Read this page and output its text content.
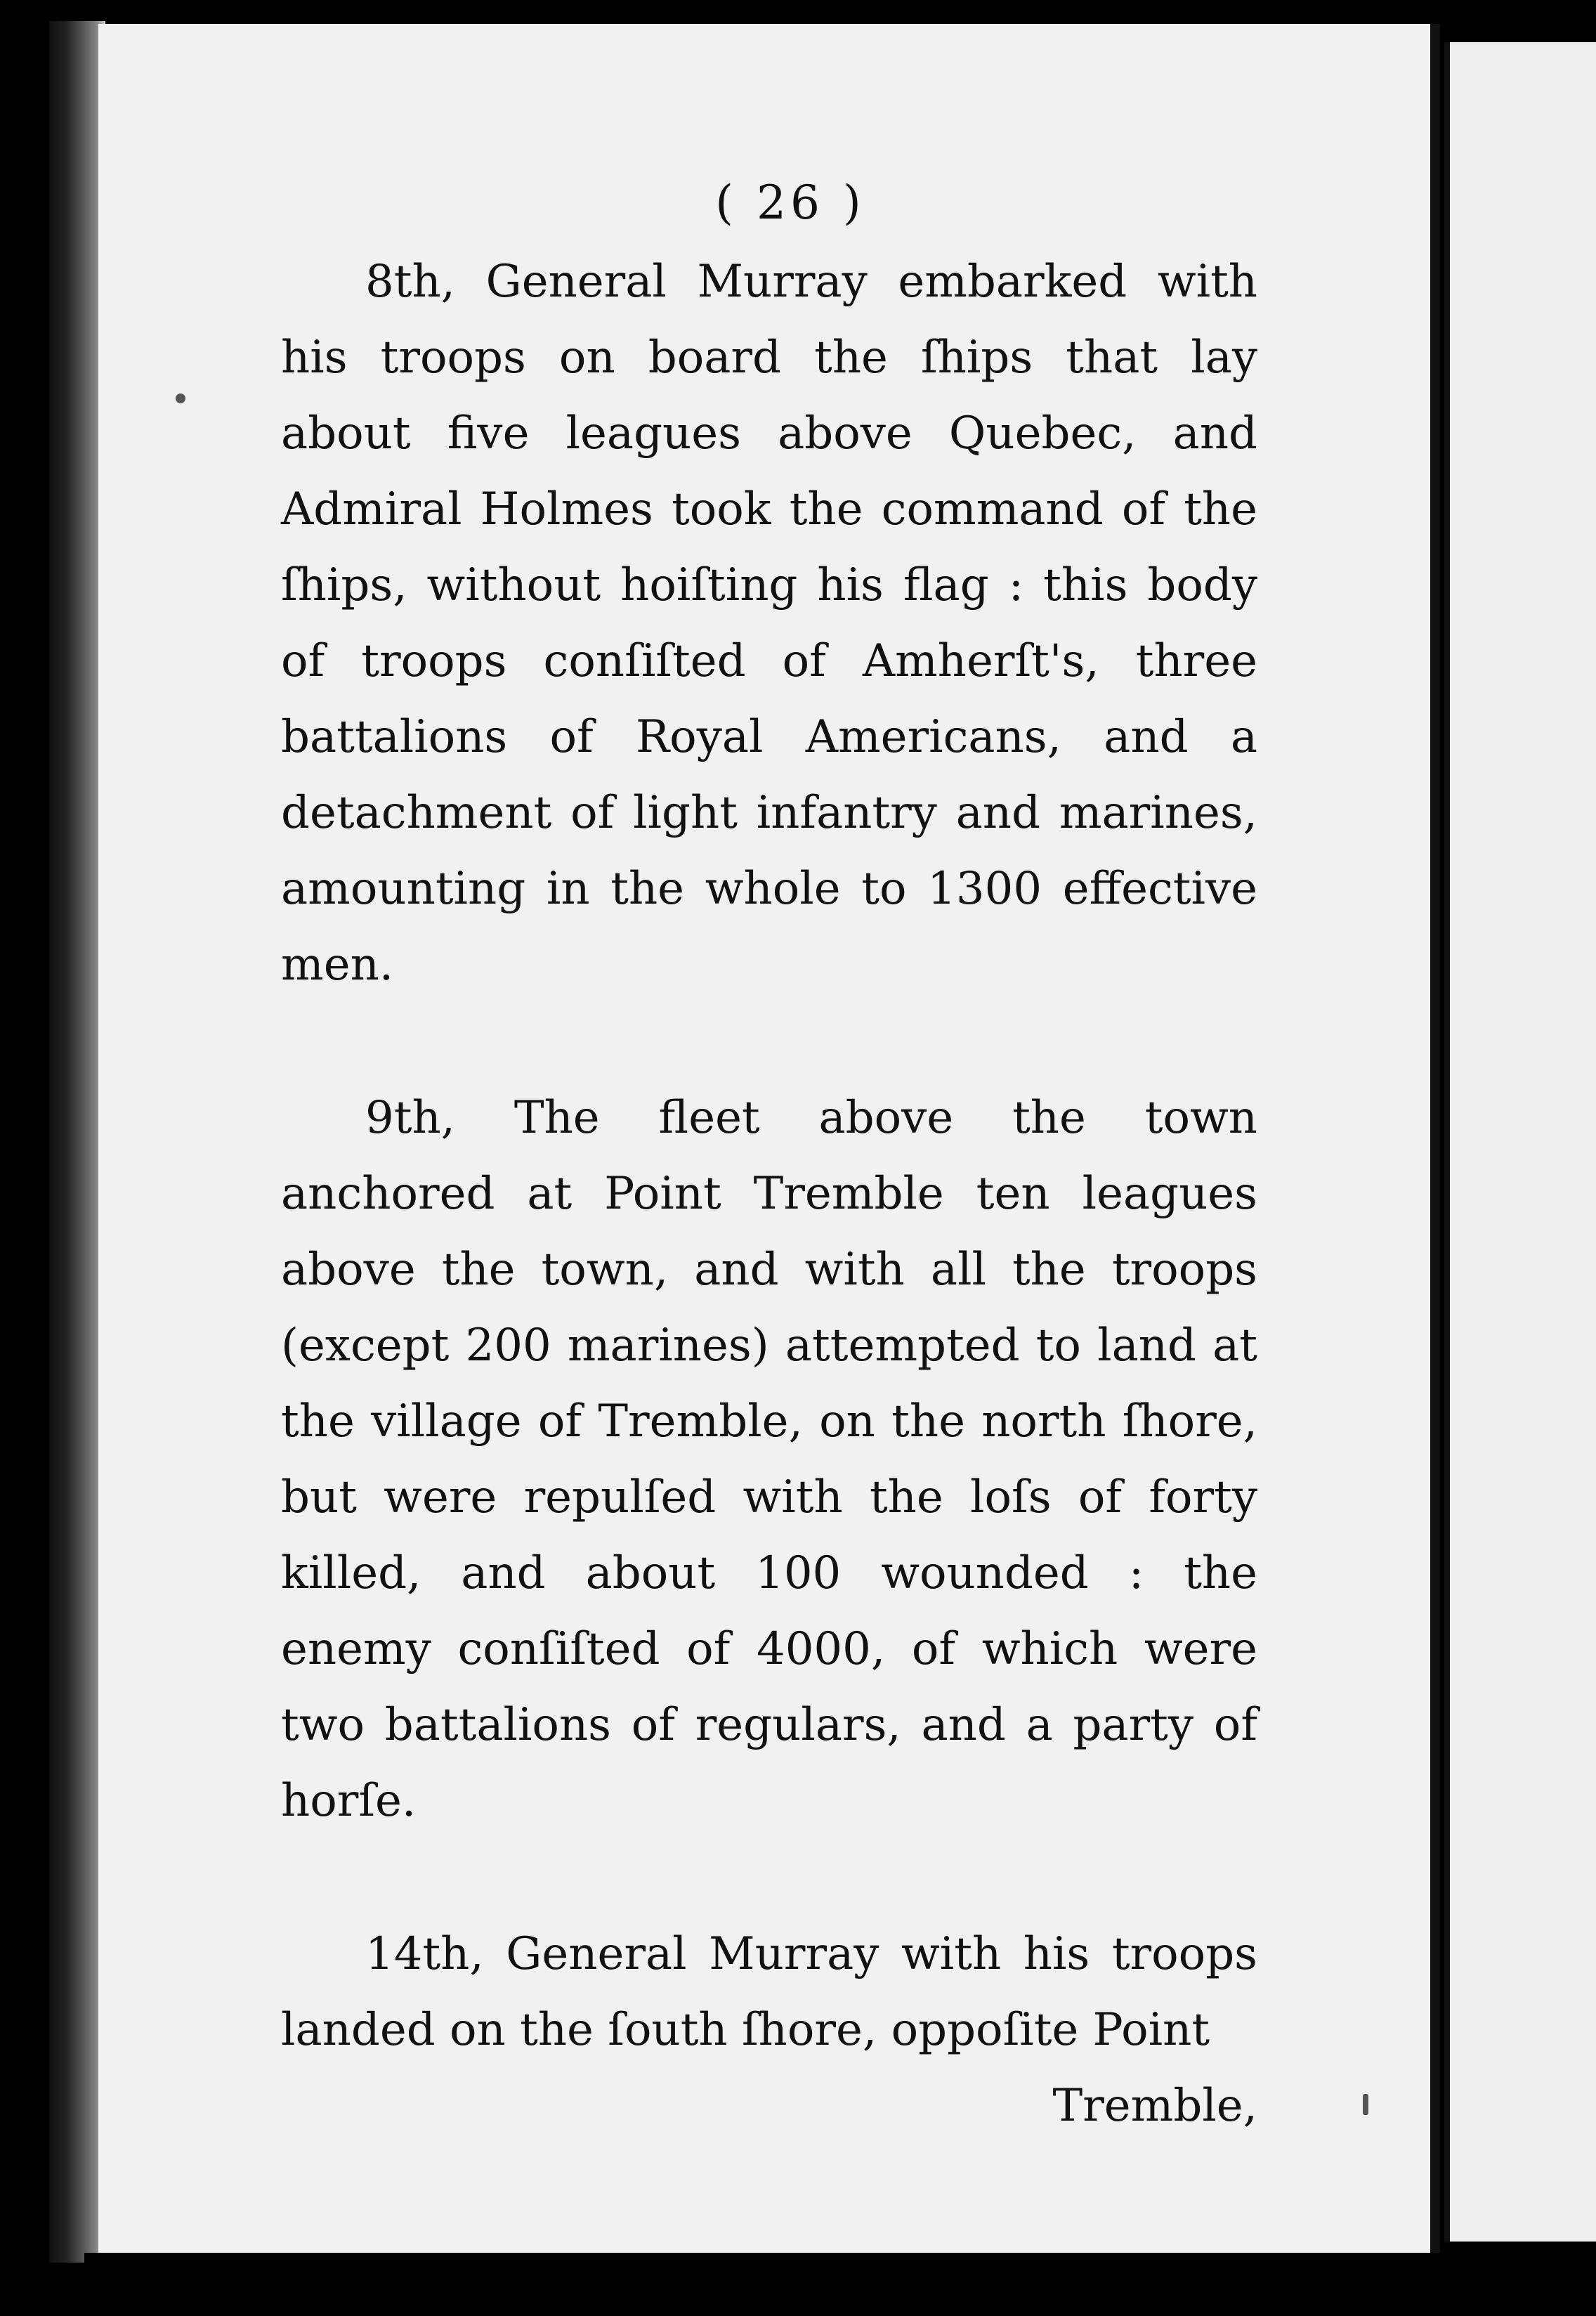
( 26 )

8th, General Murray embarked with his troops on board the ſhips that lay about five leagues above Quebec, and Admiral Holmes took the command of the ſhips, without hoiſting his flag : this body of troops conſiſted of Amherſt's, three battalions of Royal Americans, and a detachment of light infantry and marines, amounting in the whole to 1300 effective men.

9th, The fleet above the town anchored at Point Tremble ten leagues above the town, and with all the troops (except 200 marines) attempted to land at the village of Tremble, on the north ſhore, but were repulſed with the loſs of forty killed, and about 100 wounded : the enemy conſiſted of 4000, of which were two battalions of regulars, and a party of horſe.

14th, General Murray with his troops landed on the ſouth ſhore, oppoſite Point

Tremble,
